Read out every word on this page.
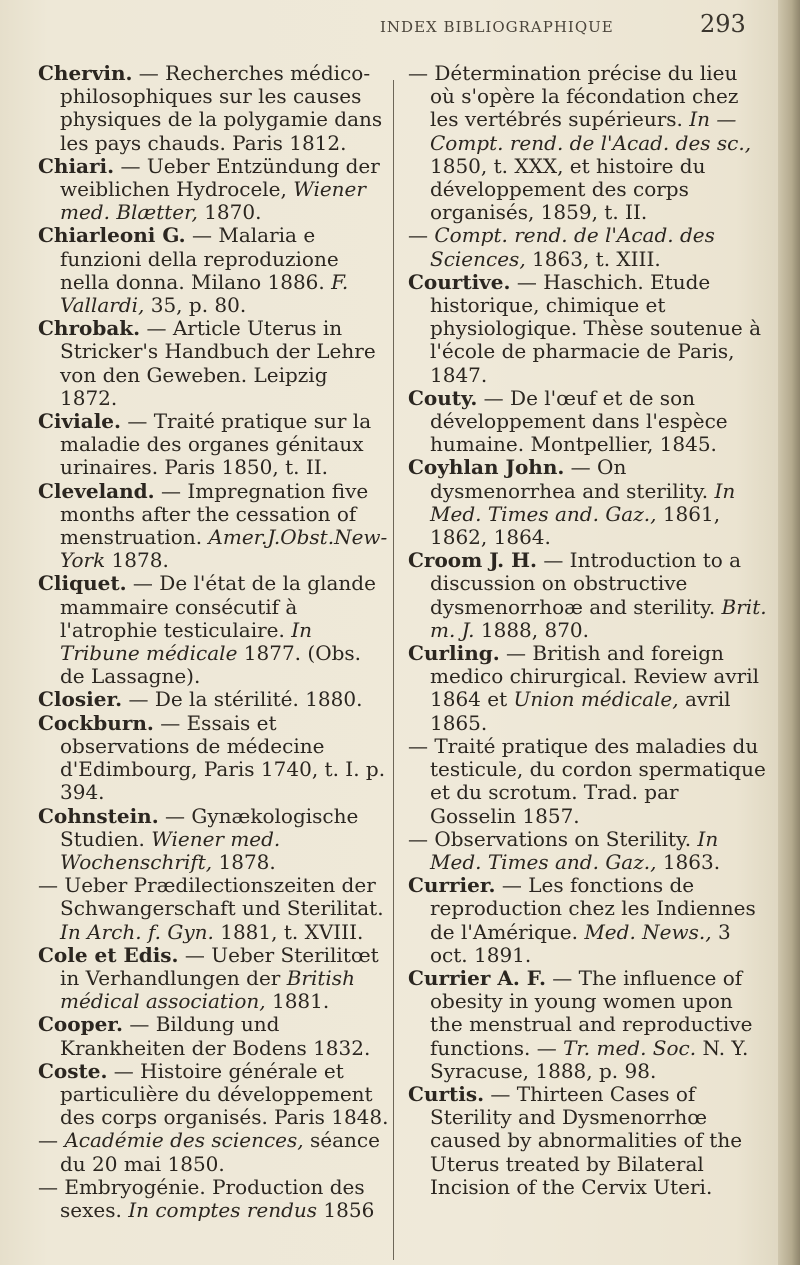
INDEX BIBLIOGRAPHIQUE	293
Chervin. — Recherches médico-philosophiques sur les causes physiques de la polygamie dans les pays chauds. Paris 1812.
Chiari. — Ueber Entzündung der weiblichen Hydrocele, Wiener med. Blætter, 1870.
Chiarleoni G. — Malaria e funzioni della reproduzione nella donna. Milano 1886. F. Vallardi, 35, p. 80.
Chrobak. — Article Uterus in Stricker's Handbuch der Lehre von den Geweben. Leipzig 1872.
Civiale. — Traité pratique sur la maladie des organes génitaux urinaires. Paris 1850, t. II.
Cleveland. — Impregnation five months after the cessation of menstruation. Amer.J.Obst.New-York 1878.
Cliquet. — De l'état de la glande mammaire consécutif à l'atrophie testiculaire. In Tribune médicale 1877. (Obs. de Lassagne).
Closier. — De la stérilité. 1880.
Cockburn. — Essais et observations de médecine d'Edimbourg, Paris 1740, t. I. p. 394.
Cohnstein. — Gynækologische Studien. Wiener med. Wochenschrift, 1878.
— Ueber Prædilectionszeiten der Schwangerschaft und Sterilitat. In Arch. f. Gyn. 1881, t. XVIII.
Cole et Edis. — Ueber Sterilitœt in Verhandlungen der British médical association, 1881.
Cooper. — Bildung und Krankheiten der Bodens 1832.
Coste. — Histoire générale et particulière du développement des corps organisés. Paris 1848.
— Académie des sciences, séance du 20 mai 1850.
— Embryogénie. Production des sexes. In comptes rendus 1856
— Détermination précise du lieu où s'opère la fécondation chez les vertébrés supérieurs. In — Compt. rend. de l'Acad. des sc., 1850, t. XXX, et histoire du développement des corps organisés, 1859, t. II.
— Compt. rend. de l'Acad. des Sciences, 1863, t. XIII.
Courtive. — Haschich. Etude historique, chimique et physiologique. Thèse soutenue à l'école de pharmacie de Paris, 1847.
Couty. — De l'œuf et de son développement dans l'espèce humaine. Montpellier, 1845.
Coyhlan John. — On dysmenorrhea and sterility. In Med. Times and. Gaz., 1861, 1862, 1864.
Croom J. H. — Introduction to a discussion on obstructive dysmenorrhoæ and sterility. Brit. m. J. 1888, 870.
Curling. — British and foreign medico chirurgical. Review avril 1864 et Union médicale, avril 1865.
— Traité pratique des maladies du testicule, du cordon spermatique et du scrotum. Trad. par Gosselin 1857.
— Observations on Sterility. In Med. Times and. Gaz., 1863.
Currier. — Les fonctions de reproduction chez les Indiennes de l'Amérique. Med. News., 3 oct. 1891.
Currier A. F. — The influence of obesity in young women upon the menstrual and reproductive functions. — Tr. med. Soc. N. Y. Syracuse, 1888, p. 98.
Curtis. — Thirteen Cases of Sterility and Dysmenorrhœ caused by abnormalities of the Uterus treated by Bilateral Incision of the Cervix Uteri.
